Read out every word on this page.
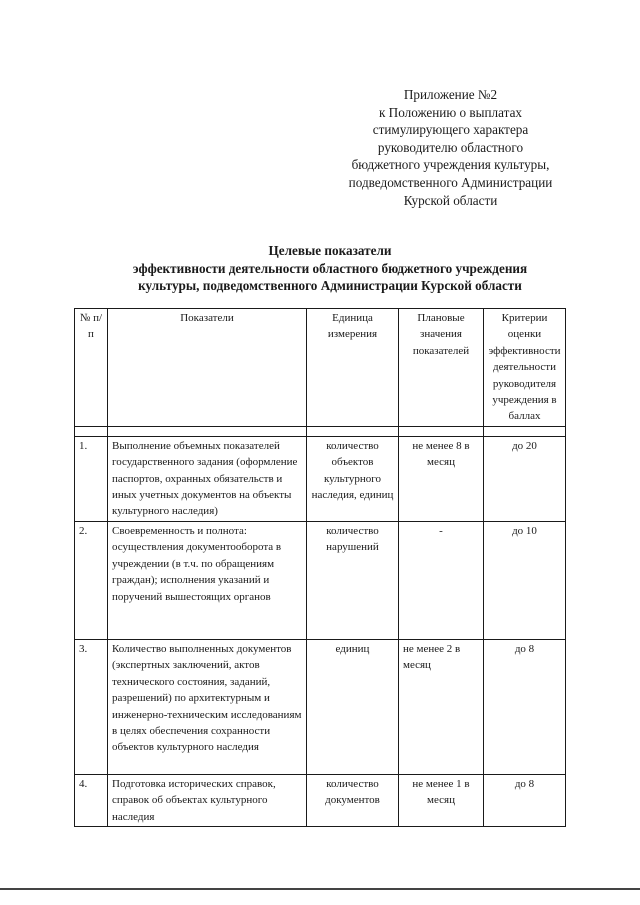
Приложение №2
к Положению о выплатах
стимулирующего характера
руководителю областного
бюджетного учреждения культуры,
подведомственного Администрации
Курской области
Целевые показатели
эффективности деятельности областного бюджетного учреждения
культуры, подведомственного Администрации Курской области
№ п/п	Показатели	Единица измерения	Плановые значения показателей	Критерии оценки эффективности деятельности руководителя учреждения в баллах

1.	Выполнение объемных показателей государственного задания (оформление паспортов, охранных обязательств и иных учетных документов на объекты культурного наследия)	количество объектов культурного наследия, единиц	не менее 8 в месяц	до 20
2.	Своевременность и полнота: осуществления документооборота в учреждении (в т.ч. по обращениям граждан); исполнения указаний и поручений вышестоящих органов	количество нарушений	-	до 10
3.	Количество выполненных документов (экспертных заключений, актов технического состояния, заданий, разрешений) по архитектурным и инженерно-техническим исследованиям в целях обеспечения сохранности объектов культурного наследия	единиц	не менее 2 в месяц	до 8
4.	Подготовка исторических справок, справок об объектах культурного наследия	количество документов	не менее 1 в месяц	до 8
